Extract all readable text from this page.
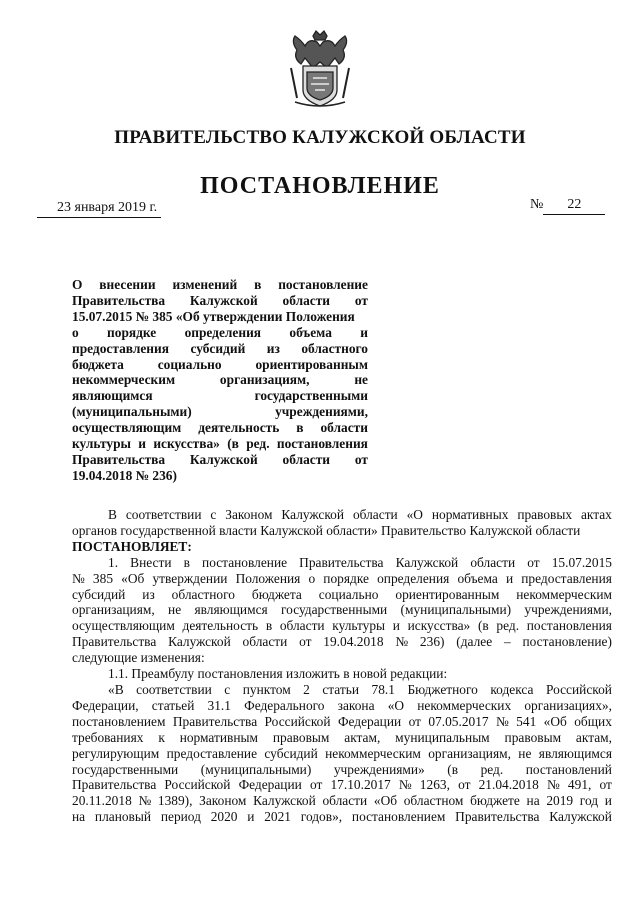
ПРАВИТЕЛЬСТВО КАЛУЖСКОЙ ОБЛАСТИ
ПОСТАНОВЛЕНИЕ
23 января 2019 г.	№ 22
О внесении изменений в постановление
Правительства Калужской области от
15.07.2015 № 385 «Об утверждении Положения
о порядке определения объема и
предоставления субсидий из областного
бюджета	социально	ориентированным
некоммерческим	организациям,	не
являющимся	государственными
(муниципальными)	учреждениями,
осуществляющим деятельность в области
культуры и искусства» (в ред. постановления
Правительства Калужской области от
19.04.2018 № 236)
В соответствии с Законом Калужской области «О нормативных правовых актах
органов государственной власти Калужской области» Правительство Калужской области
ПОСТАНОВЛЯЕТ:
1. Внести в постановление Правительства Калужской области от 15.07.2015
№ 385 «Об утверждении Положения о порядке определения объема и предоставления
субсидий из областного бюджета социально ориентированным некоммерческим
организациям, не являющимся государственными (муниципальными) учреждениями,
осуществляющим деятельность в области культуры и искусства» (в ред. постановления
Правительства Калужской области от 19.04.2018 № 236) (далее – постановление)
следующие изменения:
1.1. Преамбулу постановления изложить в новой редакции:
«В соответствии с пунктом 2 статьи 78.1 Бюджетного кодекса Российской
Федерации, статьей 31.1 Федерального закона «О некоммерческих организациях»,
постановлением Правительства Российской Федерации от 07.05.2017 № 541 «Об общих
требованиях к нормативным правовым актам, муниципальным правовым актам,
регулирующим предоставление субсидий некоммерческим организациям, не являющимся
государственными (муниципальными) учреждениями» (в ред. постановлений
Правительства Российской Федерации от 17.10.2017 № 1263, от 21.04.2018 № 491, от
20.11.2018 № 1389), Законом Калужской области «Об областном бюджете на 2019 год и
на плановый период 2020 и 2021 годов», постановлением Правительства Калужской
